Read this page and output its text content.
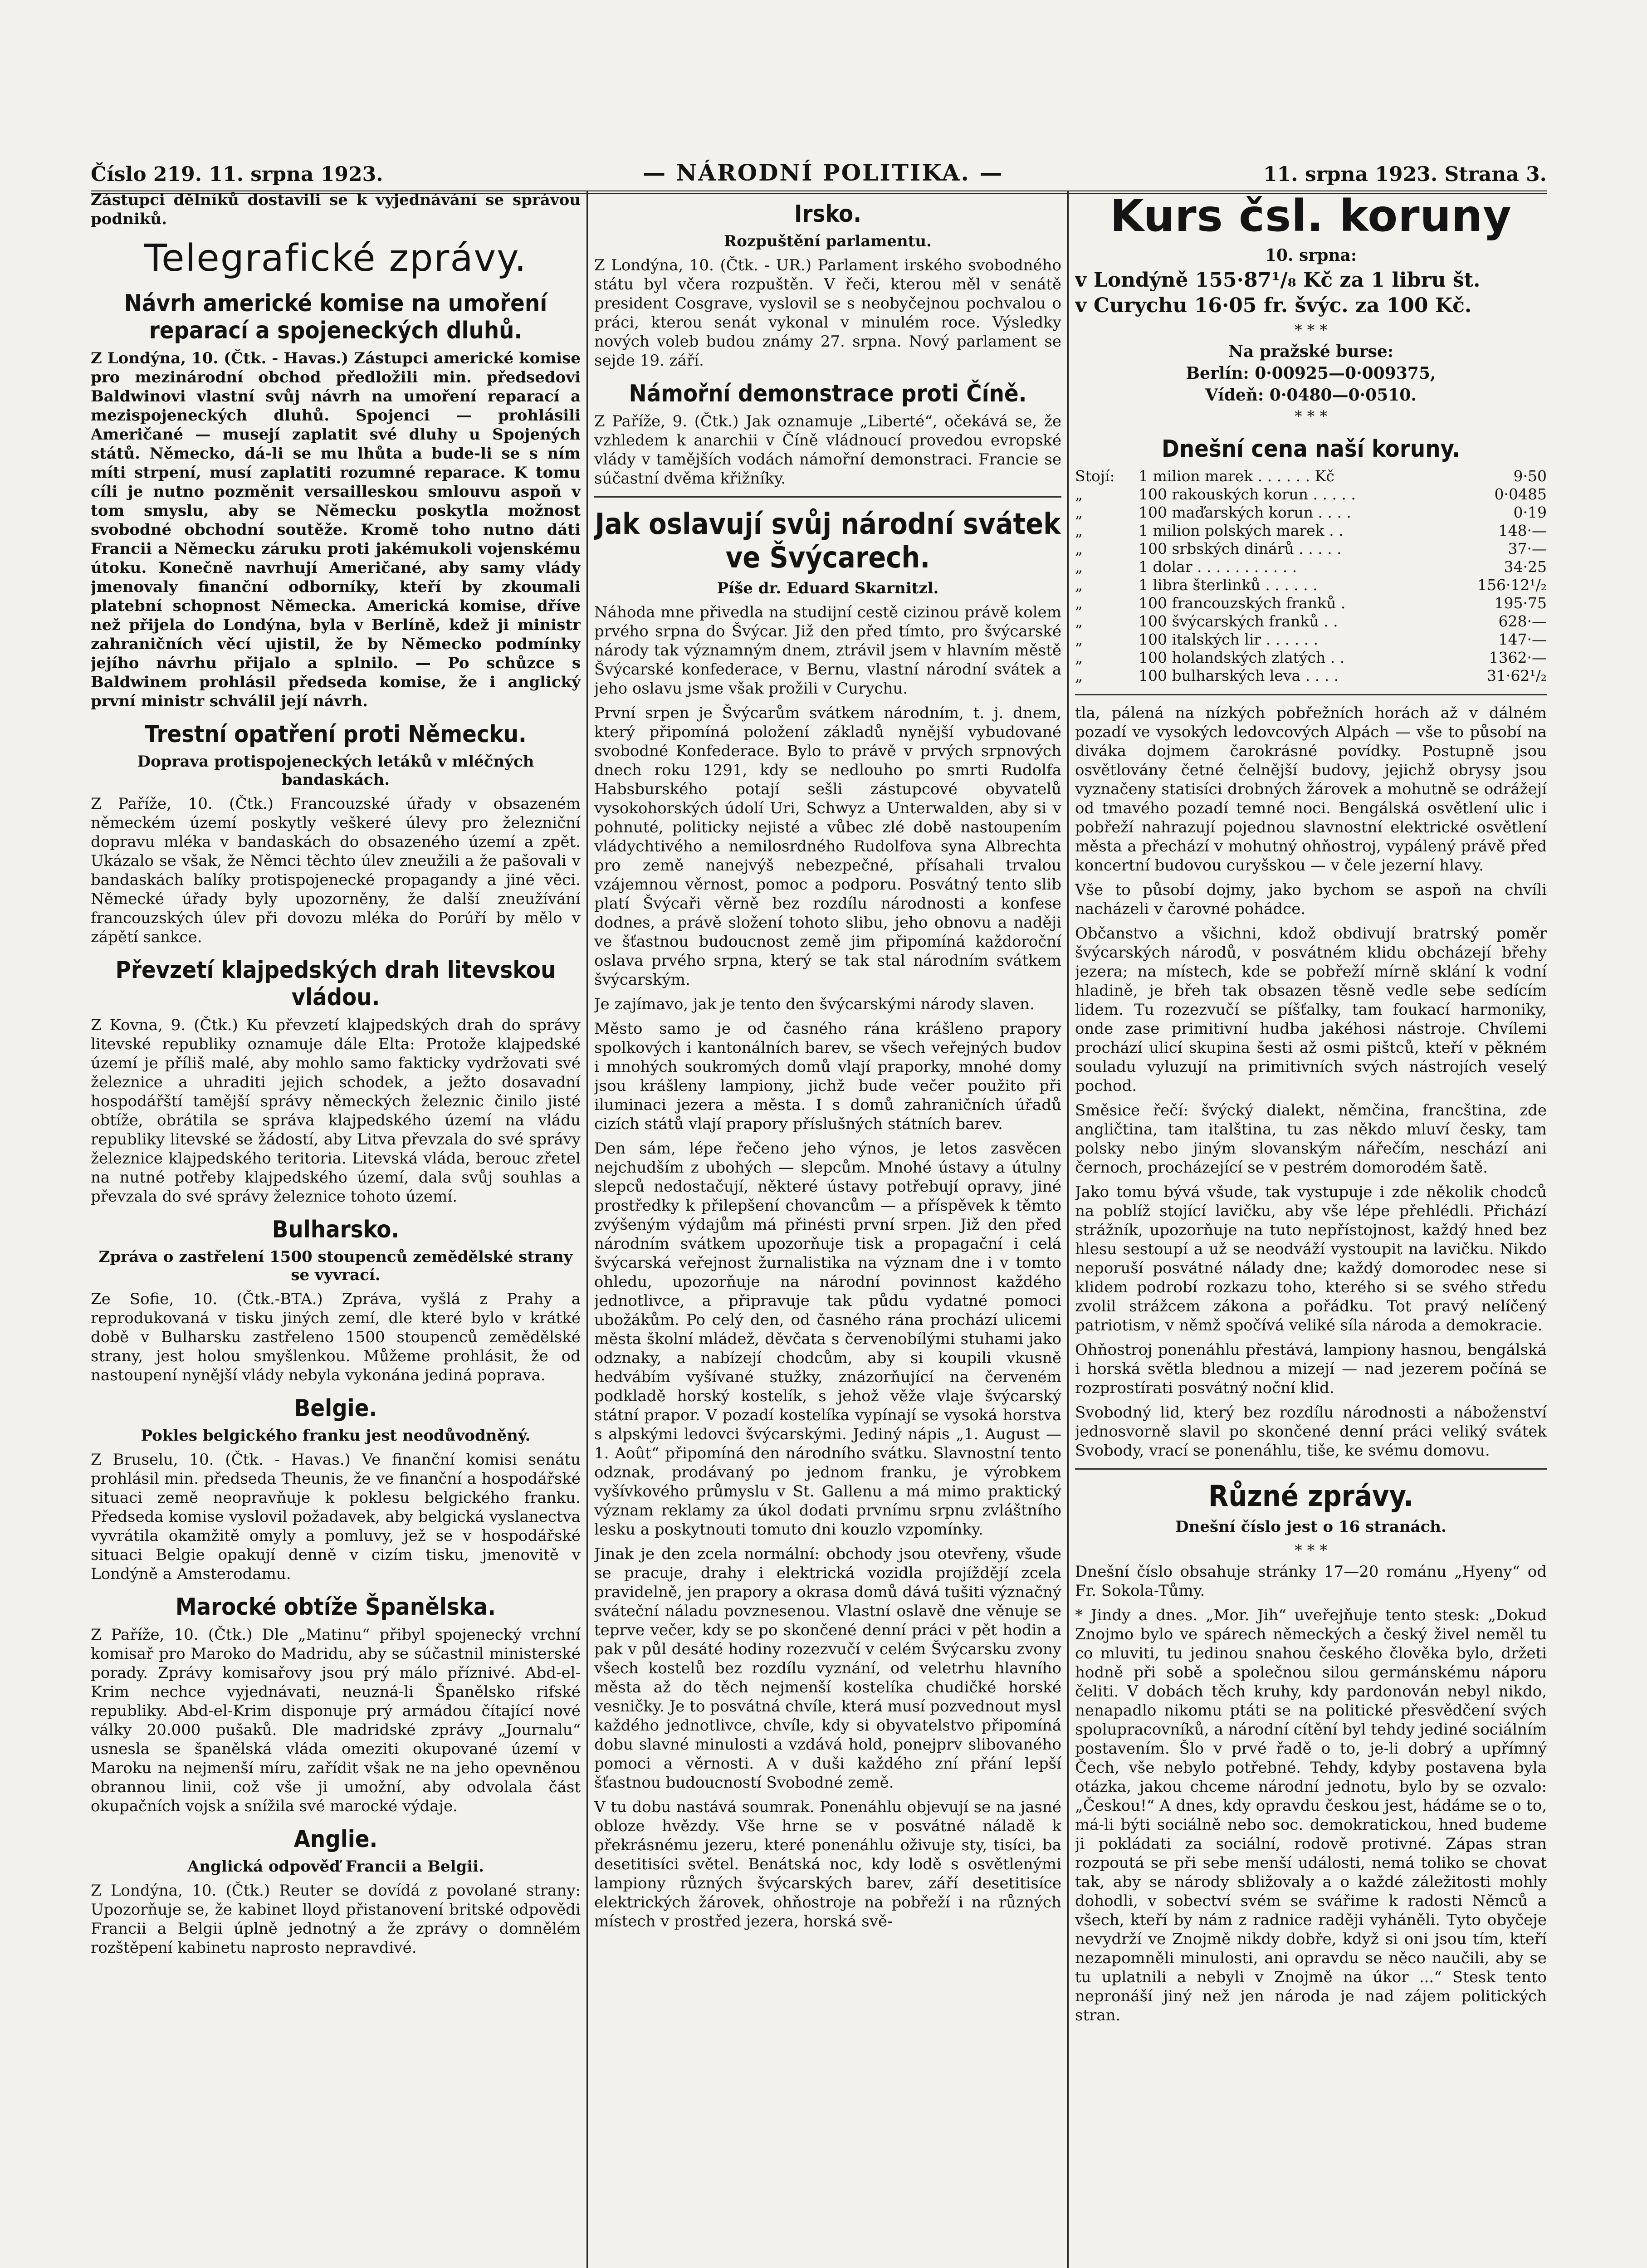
Číslo 219. 11. srpna 1923.	— NÁRODNÍ POLITIKA. —	11. srpna 1923. Strana 3.

Zástupci dělníků dostavili se k vyjednávání se správou podniků.

Telegrafické zprávy.
Návrh americké komise na umoření reparací a spojeneckých dluhů.

Z Londýna, 10. (Čtk. - Havas.) Zástupci americké komise pro mezinárodní obchod předložili min. předsedovi Baldwinovi vlastní svůj návrh na umoření reparací a mezispojeneckých dluhů. Spojenci — prohlásili Američané — musejí zaplatit své dluhy u Spojených států. Německo, dá-li se mu lhůta a bude-li se s ním míti strpení, musí zaplatiti rozumné reparace. K tomu cíli je nutno pozměnit versailleskou smlouvu aspoň v tom smyslu, aby se Německu poskytla možnost svobodné obchodní soutěže. Kromě toho nutno dáti Francii a Německu záruku proti jakémukoli vojenskému útoku. Konečně navrhují Američané, aby samy vlády jmenovaly finanční odborníky, kteří by zkoumali platební schopnost Německa. Americká komise, dříve než přijela do Londýna, byla v Berlíně, kdež ji ministr zahraničních věcí ujistil, že by Německo podmínky jejího návrhu přijalo a splnilo. — Po schůzce s Baldwinem prohlásil předseda komise, že i anglický první ministr schválil její návrh.

Trestní opatření proti Německu.
Doprava protispojeneckých letáků v mléčných bandaskách.

Z Paříže, 10. (Čtk.) Francouzské úřady v obsazeném německém území poskytly veškeré úlevy pro železniční dopravu mléka v bandaskách do obsazeného území a zpět. Ukázalo se však, že Němci těchto úlev zneužili a že pašovali v bandaskách balíky protispojenecké propagandy a jiné věci. Německé úřady byly upozorněny, že další zneužívání francouzských úlev při dovozu mléka do Porúří by mělo v zápětí sankce.

Převzetí klajpedských drah litevskou vládou.

Z Kovna, 9. (Čtk.) Ku převzetí klajpedských drah do správy litevské republiky oznamuje dále Elta: Protože klajpedské území je příliš malé, aby mohlo samo fakticky vydržovati své železnice a uhraditi jejich schodek, a ježto dosavadní hospodářští tamější správy německých železnic činilo jisté obtíže, obrátila se správa klajpedského území na vládu republiky litevské se žádostí, aby Litva převzala do své správy železnice klajpedského teritoria. Litevská vláda, berouc zřetel na nutné potřeby klajpedského území, dala svůj souhlas a převzala do své správy železnice tohoto území.

Bulharsko.
Zpráva o zastřelení 1500 stoupenců zemědělské strany se vyvrací.

Ze Sofie, 10. (Čtk.-BTA.) Zpráva, vyšlá z Prahy a reprodukovaná v tisku jiných zemí, dle které bylo v krátké době v Bulharsku zastřeleno 1500 stoupenců zemědělské strany, jest holou smyšlenkou. Můžeme prohlásit, že od nastoupení nynější vlády nebyla vykonána jediná poprava.

Belgie.
Pokles belgického franku jest neodůvodněný.

Z Bruselu, 10. (Čtk. - Havas.) Ve finanční komisi senátu prohlásil min. předseda Theunis, že ve finanční a hospodářské situaci země neopravňuje k poklesu belgického franku. Předseda komise vyslovil požadavek, aby belgická vyslanectva vyvrátila okamžitě omyly a pomluvy, jež se v hospodářské situaci Belgie opakují denně v cizím tisku, jmenovitě v Londýně a Amsterodamu.

Marocké obtíže Španělska.

Z Paříže, 10. (Čtk.) Dle „Matinu“ přibyl spojenecký vrchní komisař pro Maroko do Madridu, aby se súčastnil ministerské porady. Zprávy komisařovy jsou prý málo příznivé. Abd-el-Krim nechce vyjednávati, neuzná-li Španělsko rifské republiky. Abd-el-Krim disponuje prý armádou čítající nové války 20.000 pušaků. Dle madridské zprávy „Journalu“ usnesla se španělská vláda omeziti okupované území v Maroku na nejmenší míru, zařídit však ne na jeho opevněnou obrannou linii, což vše ji umožní, aby odvolala část okupačních vojsk a snížila své marocké výdaje.

Anglie.
Anglická odpověď Francii a Belgii.

Z Londýna, 10. (Čtk.) Reuter se dovídá z povolané strany: Upozorňuje se, že kabinet lloyd přistanovení britské odpovědi Francii a Belgii úplně jednotný a že zprávy o domnělém rozštěpení kabinetu naprosto nepravdivé.

Irsko.
Rozpuštění parlamentu.

Z Londýna, 10. (Čtk. - UR.) Parlament irského svobodného státu byl včera rozpuštěn. V řeči, kterou měl v senátě president Cosgrave, vyslovil se s neobyčejnou pochvalou o práci, kterou senát vykonal v minulém roce. Výsledky nových voleb budou známy 27. srpna. Nový parlament se sejde 19. září.

Námořní demonstrace proti Číně.

Z Paříže, 9. (Čtk.) Jak oznamuje „Liberté“, očekává se, že vzhledem k anarchii v Číně vládnoucí provedou evropské vlády v tamějších vodách námořní demonstraci. Francie se súčastní dvěma křižníky.

Jak oslavují svůj národní svátek ve Švýcarech.
Píše dr. Eduard Skarnitzl.

Náhoda mne přivedla na studijní cestě cizinou právě kolem prvého srpna do Švýcar. Již den před tímto, pro švýcarské národy tak významným dnem, ztrávil jsem v hlavním městě Švýcarské konfederace, v Bernu, vlastní národní svátek a jeho oslavu jsme však prožili v Curychu.

První srpen je Švýcarům svátkem národním, t. j. dnem, který připomíná položení základů nynější vybudované svobodné Konfederace. Bylo to právě v prvých srpnových dnech roku 1291, kdy se nedlouho po smrti Rudolfa Habsburského potají sešli zástupcové obyvatelů vysokohorských údolí Uri, Schwyz a Unterwalden, aby si v pohnuté, politicky nejisté a vůbec zlé době nastoupením vládychtivého a nemilosrdného Rudolfova syna Albrechta pro země nanejvýš nebezpečné, přísahali trvalou vzájemnou věrnost, pomoc a podporu. Posvátný tento slib platí Švýcaři věrně bez rozdílu národnosti a konfese dodnes, a právě složení tohoto slibu, jeho obnovu a naději ve šťastnou budoucnost země jim připomíná každoroční oslava prvého srpna, který se tak stal národním svátkem švýcarským.

Je zajímavo, jak je tento den švýcarskými národy slaven.

Město samo je od časného rána krášleno prapory spolkových i kantonálních barev, se všech veřejných budov i mnohých soukromých domů vlají praporky, mnohé domy jsou krášleny lampiony, jichž bude večer použito při iluminaci jezera a města. I s domů zahraničních úřadů cizích států vlají prapory příslušných státních barev.

Den sám, lépe řečeno jeho výnos, je letos zasvěcen nejchudším z ubohých — slepcům. Mnohé ústavy a útulny slepců nedostačují, některé ústavy potřebují opravy, jiné prostředky k přilepšení chovancům — a příspěvek k těmto zvýšeným výdajům má přinésti první srpen. Již den před národním svátkem upozorňuje tisk a propagační i celá švýcarská veřejnost žurnalistika na význam dne i v tomto ohledu, upozorňuje na národní povinnost každého jednotlivce, a připravuje tak půdu vydatné pomoci ubožákům. Po celý den, od časného rána prochází ulicemi města školní mládež, děvčata s červenobílými stuhami jako odznaky, a nabízejí chodcům, aby si koupili vkusně hedvábím vyšívané stužky, znázorňující na červeném podkladě horský kostelík, s jehož věže vlaje švýcarský státní prapor. V pozadí kostelíka vypínají se vysoká horstva s alpskými ledovci švýcarskými. Jediný nápis „1. August — 1. Août“ připomíná den národního svátku. Slavnostní tento odznak, prodávaný po jednom franku, je výrobkem vyšívkového průmyslu v St. Gallenu a má mimo praktický význam reklamy za úkol dodati prvnímu srpnu zvláštního lesku a poskytnouti tomuto dni kouzlo vzpomínky.

Jinak je den zcela normální: obchody jsou otevřeny, všude se pracuje, drahy i elektrická vozidla projíždějí zcela pravidelně, jen prapory a okrasa domů dává tušiti význačný sváteční náladu povznesenou. Vlastní oslavě dne věnuje se teprve večer, kdy se po skončené denní práci v pět hodin a pak v půl desáté hodiny rozezvučí v celém Švýcarsku zvony všech kostelů bez rozdílu vyznání, od veletrhu hlavního města až do těch nejmenší kostelíka chudičké horské vesničky. Je to posvátná chvíle, která musí pozvednout mysl každého jednotlivce, chvíle, kdy si obyvatelstvo připomíná dobu slavné minulosti a vzdává hold, ponejprv slibovaného pomoci a věrnosti. A v duši každého zní přání lepší šťastnou budoucností Svobodné země.

V tu dobu nastává soumrak. Ponenáhlu objevují se na jasné obloze hvězdy. Vše hrne se v posvátné náladě k překrásnému jezeru, které ponenáhlu oživuje sty, tisíci, ba desetitisíci světel. Benátská noc, kdy lodě s osvětlenými lampiony různých švýcarských barev, září desetitisíce elektrických žárovek, ohňostroje na pobřeží i na různých místech v prostřed jezera, horská svě-

Kurs čsl. koruny
10. srpna:
v Londýně 155·87¹/₈ Kč za 1 libru št.
v Curychu 16·05 fr. švýc. za 100 Kč.
* * *
Na pražské burse:
Berlín: 0·00925—0·009375,
Vídeň: 0·0480—0·0510.
* * *
Dnešní cena naší koruny.
Stojí:	1 milion marek . . . . . . Kč	9·50
„	100 rakouských korun . . . . .	0·0485
„	100 maďarských korun . . . .	0·19
„	1 milion polských marek . .	148·—
„	100 srbských dinárů . . . . .	37·—
„	1 dolar . . . . . . . . . . .	34·25
„	1 libra šterlinků . . . . . .	156·12¹/₂
„	100 francouzských franků .	195·75
„	100 švýcarských franků . .	628·—
„	100 italských lir . . . . . .	147·—
„	100 holandských zlatých . .	1362·—
„	100 bulharských leva . . . .	31·62¹/₂

tla, pálená na nízkých pobřežních horách až v dálném pozadí ve vysokých ledovcových Alpách — vše to působí na diváka dojmem čarokrásné povídky. Postupně jsou osvětlovány četné čelnější budovy, jejichž obrysy jsou vyznačeny statisíci drobných žárovek a mohutně se odrážejí od tmavého pozadí temné noci. Bengálská osvětlení ulic i pobřeží nahrazují pojednou slavnostní elektrické osvětlení města a přechází v mohutný ohňostroj, vypálený právě před koncertní budovou curyšskou — v čele jezerní hlavy.

Vše to působí dojmy, jako bychom se aspoň na chvíli nacházeli v čarovné pohádce.

Občanstvo a všichni, kdož obdivují bratrský poměr švýcarských národů, v posvátném klidu obcházejí břehy jezera; na místech, kde se pobřeží mírně sklání k vodní hladině, je břeh tak obsazen těsně vedle sebe sedícím lidem. Tu rozezvučí se píšťalky, tam foukací harmoniky, onde zase primitivní hudba jakéhosi nástroje. Chvílemi prochází ulicí skupina šesti až osmi pištců, kteří v pěkném souladu vyluzují na primitivních svých nástrojích veselý pochod.

Směsice řečí: švýcký dialekt, němčina, francština, zde angličtina, tam italština, tu zas někdo mluví česky, tam polsky nebo jiným slovanským nářečím, neschází ani černoch, procházející se v pestrém domorodém šatě.

Jako tomu bývá všude, tak vystupuje i zde několik chodců na poblíž stojící lavičku, aby vše lépe přehlédli. Přichází strážník, upozorňuje na tuto nepřístojnost, každý hned bez hlesu sestoupí a už se neodváží vystoupit na lavičku. Nikdo neporuší posvátné nálady dne; každý domorodec nese si klidem podrobí rozkazu toho, kterého si se svého středu zvolil strážcem zákona a pořádku. Tot pravý nelíčený patriotism, v němž spočívá veliké síla národa a demokracie.

Ohňostroj ponenáhlu přestává, lampiony hasnou, bengálská i horská světla blednou a mizejí — nad jezerem počíná se rozprostírati posvátný noční klid.

Svobodný lid, který bez rozdílu národnosti a náboženství jednosvorně slavil po skončené denní práci veliký svátek Svobody, vrací se ponenáhlu, tiše, ke svému domovu.

Různé zprávy.
Dnešní číslo jest o 16 stranách.
* * *

Dnešní číslo obsahuje stránky 17—20 románu „Hyeny“ od Fr. Sokola-Tůmy.

* Jindy a dnes. „Mor. Jih“ uveřejňuje tento stesk: „Dokud Znojmo bylo ve spárech německých a český živel neměl tu co mluviti, tu jedinou snahou českého člověka bylo, držeti hodně při sobě a společnou silou germánskému náporu čeliti. V dobách těch kruhy, kdy pardonován nebyl nikdo, nenapadlo nikomu ptáti se na politické přesvědčení svých spolupracovníků, a národní cítění byl tehdy jediné sociálním postavením. Šlo v prvé řadě o to, je-li dobrý a upřímný Čech, vše nebylo potřebné. Tehdy, kdyby postavena byla otázka, jakou chceme národní jednotu, bylo by se ozvalo: „Českou!“ A dnes, kdy opravdu českou jest, hádáme se o to, má-li býti sociálně nebo soc. demokratickou, hned budeme ji pokládati za sociální, rodově protivné. Zápas stran rozpoutá se při sebe menší události, nemá toliko se chovat tak, aby se národy sbližovaly a o každé záležitosti mohly dohodli, v sobectví svém se svářime k radosti Němců a všech, kteří by nám z radnice raději vyháněli. Tyto obyčeje nevydrží ve Znojmě nikdy dobře, když si oni jsou tím, kteří nezapomněli minulosti, ani opravdu se něco naučili, aby se tu uplatnili a nebyli v Znojmě na úkor ...“ Stesk tento nepronáší jiný než jen národa je nad zájem politických stran.
